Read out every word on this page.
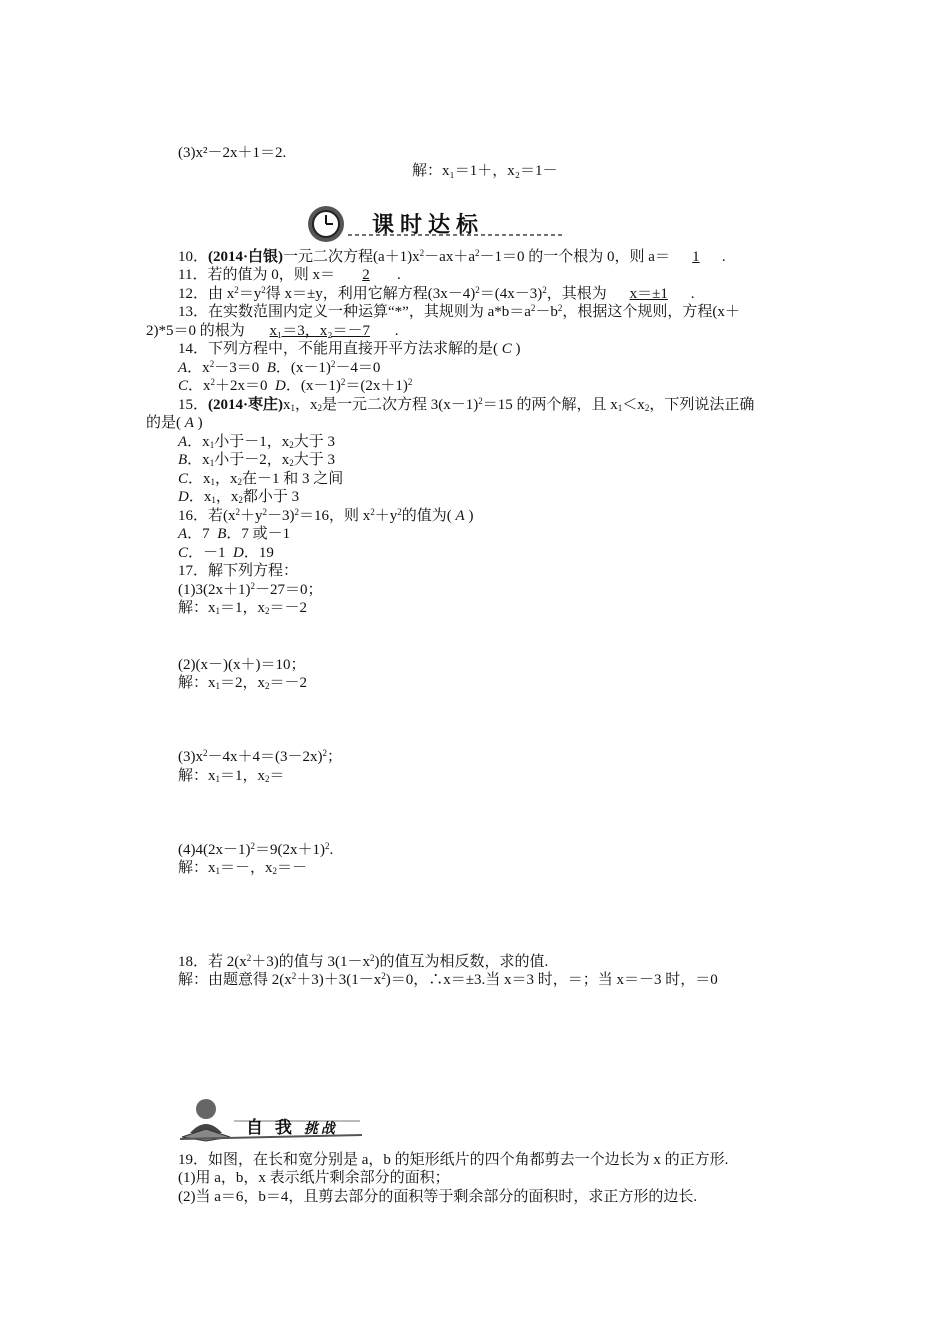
(3)x²－2x＋1＝2.
解：x₁＝1＋，x₂＝1－
课时达标
10．(2014·白银)一元二次方程$(a+1)x^2-ax+a^2-1=0$ 的一个根为 0，则 a＝ 1 .
11．若的值为 0，则 x＝ 2 .
12．由 $x^2=y^2$得 x＝±y，利用它解方程$(3x-4)^2=(4x-3)^2$，其根为 x＝±1 .
13．在实数范围内定义一种运算“*”，其规则为 $a*b=a^2-b^2$，根据这个规则，方程(x＋
2)*5＝0 的根为 x₁＝3，x₂＝－7 .
14．下列方程中，不能用直接开平方法求解的是( C )
A．$x^2-3=0$  B．$(x-1)^2-4=0$
C．$x^2+2x=0$  D．$(x-1)^2=(2x+1)^2$
15．(2014·枣庄)$x_1$，$x_2$是一元二次方程 $3(x-1)^2=15$ 的两个解，且 $x_1<x_2$，下列说法正确
的是( A )
A．$x_1$小于－1，$x_2$大于 3
B．$x_1$小于－2，$x_2$大于 3
C．$x_1$，$x_2$在－1 和 3 之间
D．$x_1$，$x_2$都小于 3
16．若$(x^2+y^2-3)^2=16$，则 $x^2+y^2$的值为( A )
A．7  B．7 或－1
C．－1  D．19
17．解下列方程：
$(1)3(2x+1)^2-27=0$；
解：$x_1=1$，$x_2=-2$
(2)(x－)(x＋)＝10；
解：$x_1=2$，$x_2=-2$
$(3)x^2-4x+4=(3-2x)^2$；
解：$x_1=1$，$x_2=$
$(4)4(2x-1)^2=9(2x+1)^2$.
解：$x_1=-$，$x_2=-$
18．若 $2(x^2+3)$的值与 $3(1-x^2)$的值互为相反数，求的值.
解：由题意得 $2(x^2+3)+3(1-x^2)=0$，∴x＝±3.当 x＝3 时，＝；当 x＝－3 时，＝0
自 我 挑战
19．如图，在长和宽分别是 a，b 的矩形纸片的四个角都剪去一个边长为 x 的正方形.
(1)用 a，b，x 表示纸片剩余部分的面积；
(2)当 a＝6，b＝4，且剪去部分的面积等于剩余部分的面积时，求正方形的边长.
